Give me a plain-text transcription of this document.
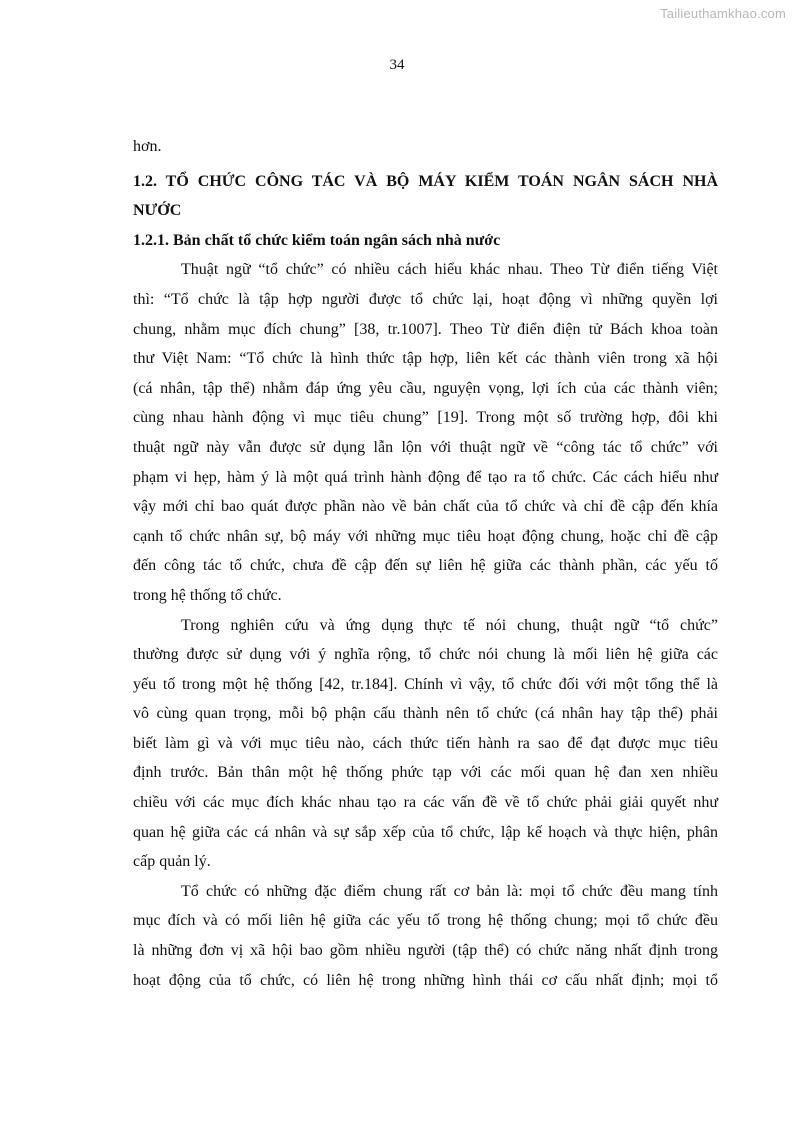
Tailieuthamkhao.com
34
hơn.
1.2. TỔ CHỨC CÔNG TÁC VÀ BỘ MÁY KIỂM TOÁN NGÂN SÁCH NHÀ
NƯỚC
1.2.1. Bản chất tổ chức kiểm toán ngân sách nhà nước
Thuật ngữ “tổ chức” có nhiều cách hiểu khác nhau. Theo Từ điển tiếng Việt
thì: “Tổ chức là tập hợp người được tổ chức lại, hoạt động vì những quyền lợi
chung, nhằm mục đích chung” [38, tr.1007]. Theo Từ điển điện tử Bách khoa toàn
thư Việt Nam: “Tổ chức là hình thức tập hợp, liên kết các thành viên trong xã hội
(cá nhân, tập thể) nhằm đáp ứng yêu cầu, nguyện vọng, lợi ích của các thành viên;
cùng nhau hành động vì mục tiêu chung” [19]. Trong một số trường hợp, đôi khi
thuật ngữ này vẫn được sử dụng lẫn lộn với thuật ngữ về “công tác tổ chức” với
phạm vi hẹp, hàm ý là một quá trình hành động để tạo ra tổ chức. Các cách hiểu như
vậy mới chỉ bao quát được phần nào về bản chất của tổ chức và chỉ đề cập đến khía
cạnh tổ chức nhân sự, bộ máy với những mục tiêu hoạt động chung, hoặc chỉ đề cập
đến công tác tổ chức, chưa đề cập đến sự liên hệ giữa các thành phần, các yếu tố
trong hệ thống tổ chức.
Trong nghiên cứu và ứng dụng thực tế nói chung, thuật ngữ “tổ chức”
thường được sử dụng với ý nghĩa rộng, tổ chức nói chung là mối liên hệ giữa các
yếu tố trong một hệ thống [42, tr.184]. Chính vì vậy, tổ chức đối với một tổng thể là
vô cùng quan trọng, mỗi bộ phận cấu thành nên tổ chức (cá nhân hay tập thể) phải
biết làm gì và với mục tiêu nào, cách thức tiến hành ra sao để đạt được mục tiêu
định trước. Bản thân một hệ thống phức tạp với các mối quan hệ đan xen nhiều
chiều với các mục đích khác nhau tạo ra các vấn đề về tổ chức phải giải quyết như
quan hệ giữa các cá nhân và sự sắp xếp của tổ chức, lập kế hoạch và thực hiện, phân
cấp quản lý.
Tổ chức có những đặc điểm chung rất cơ bản là: mọi tổ chức đều mang tính
mục đích và có mối liên hệ giữa các yếu tố trong hệ thống chung; mọi tổ chức đều
là những đơn vị xã hội bao gồm nhiều người (tập thể) có chức năng nhất định trong
hoạt động của tổ chức, có liên hệ trong những hình thái cơ cấu nhất định; mọi tổ
